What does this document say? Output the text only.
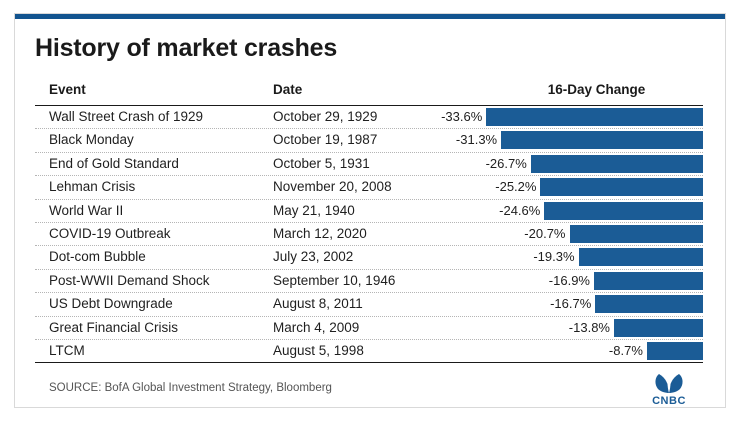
History of market crashes
Event	Date	16-Day Change
Wall Street Crash of 1929	October 29, 1929	-33.6%
Black Monday	October 19, 1987	-31.3%
End of Gold Standard	October 5, 1931	-26.7%
Lehman Crisis	November 20, 2008	-25.2%
World War II	May 21, 1940	-24.6%
COVID-19 Outbreak	March 12, 2020	-20.7%
Dot-com Bubble	July 23, 2002	-19.3%
Post-WWII Demand Shock	September 10, 1946	-16.9%
US Debt Downgrade	August 8, 2011	-16.7%
Great Financial Crisis	March 4, 2009	-13.8%
LTCM	August 5, 1998	-8.7%
SOURCE: BofA Global Investment Strategy, Bloomberg
CNBC
